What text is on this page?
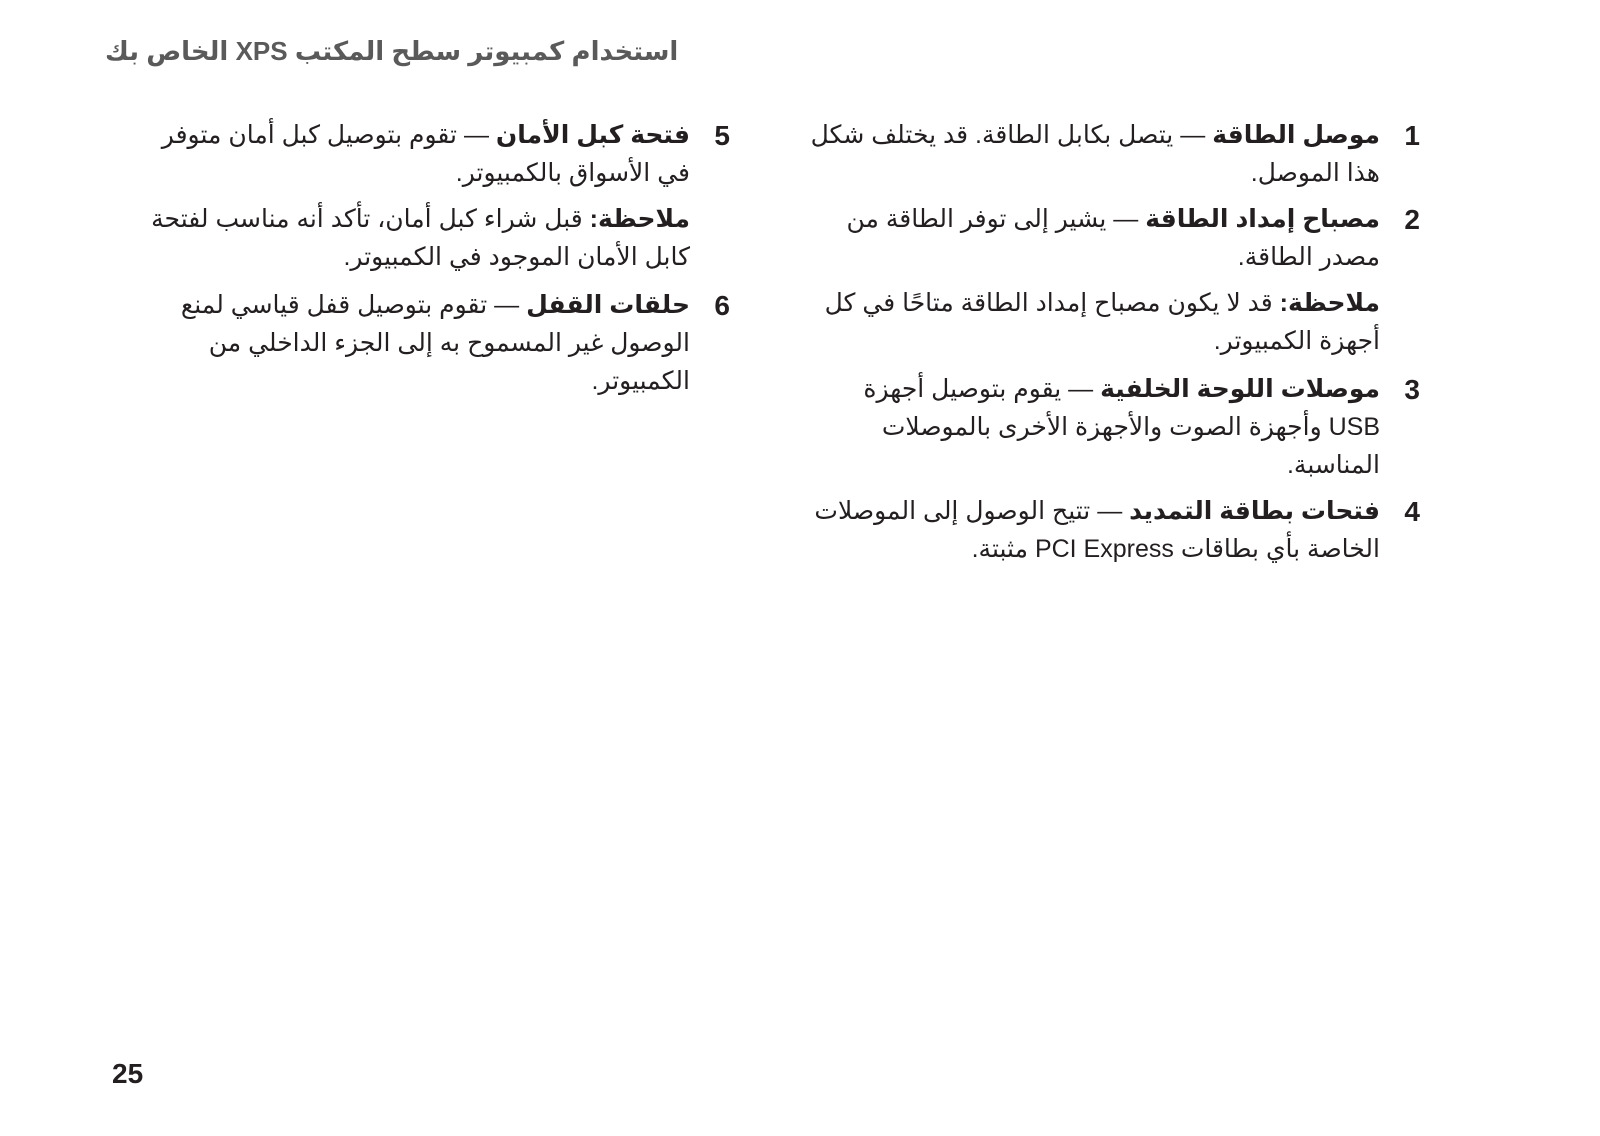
استخدام كمبيوتر سطح المكتب XPS الخاص بك
1

موصل الطاقة — يتصل بكابل الطاقة. قد يختلف شكل هذا الموصل.

2

مصباح إمداد الطاقة — يشير إلى توفر الطاقة من مصدر الطاقة.

ملاحظة: قد لا يكون مصباح إمداد الطاقة متاحًا في كل أجهزة الكمبيوتر.

3

موصلات اللوحة الخلفية — يقوم بتوصيل أجهزة USB وأجهزة الصوت والأجهزة الأخرى بالموصلات المناسبة.

4

فتحات بطاقة التمديد — تتيح الوصول إلى الموصلات الخاصة بأي بطاقات PCI Express مثبتة.

5

فتحة كبل الأمان — تقوم بتوصيل كبل أمان متوفر في الأسواق بالكمبيوتر.

ملاحظة: قبل شراء كبل أمان، تأكد أنه مناسب لفتحة كابل الأمان الموجود في الكمبيوتر.

6

حلقات القفل — تقوم بتوصيل قفل قياسي لمنع الوصول غير المسموح به إلى الجزء الداخلي من الكمبيوتر.

25
